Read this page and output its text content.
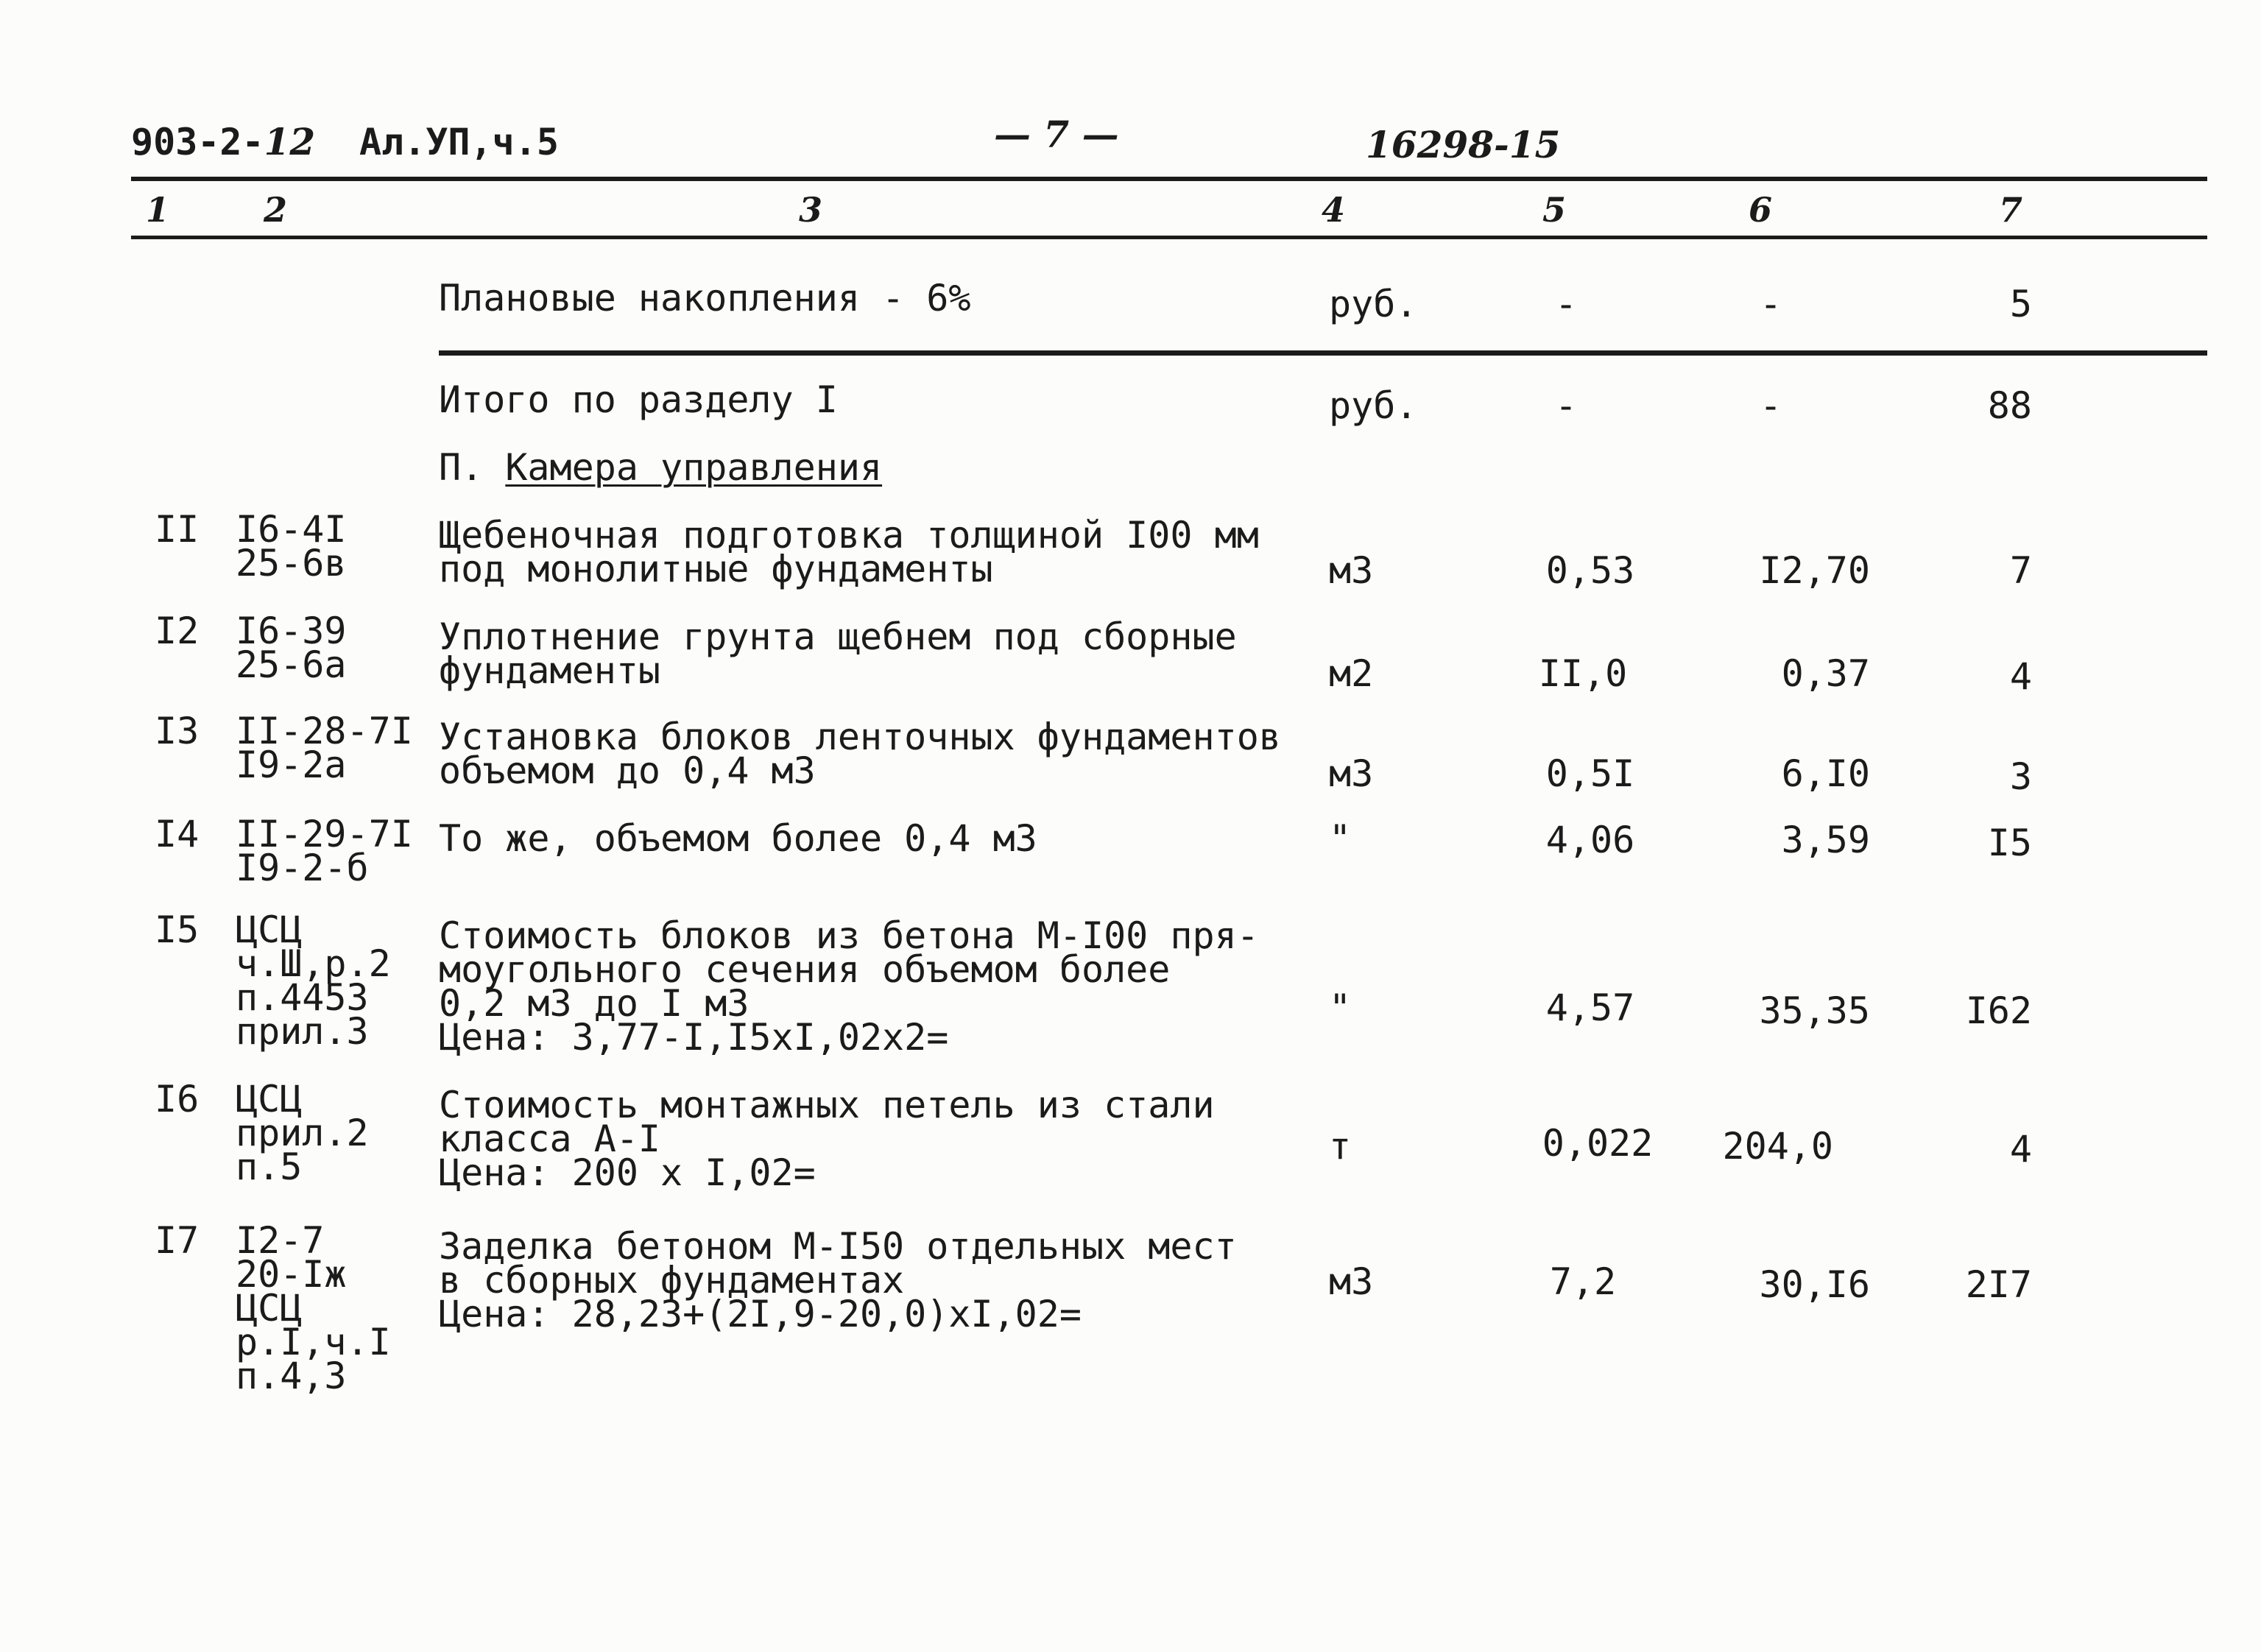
903-2-12 Ал.УП,ч.5	— 7 —	16298-15
1	2	3	4	5	6	7
Плановые накопления - 6%	руб.	-	-	5
Итого по разделу I	руб.	-	-	88
П. Камера управления
II I6-4I
25-6в
Щебеночная подготовка толщиной I00 мм
под монолитные фундаменты	м3	0,53	I2,70	7
I2 I6-39
25-6а
Уплотнение грунта щебнем под сборные
фундаменты	м2	II,0	0,37	4
I3 II-28-7I
I9-2а
Установка блоков ленточных фундаментов
объемом до 0,4 м3	м3	0,5I	6,I0	3
I4 II-29-7I
I9-2-б
То же, объемом более 0,4 м3	"	4,06	3,59	I5
I5 ЦСЦ
ч.Ш,р.2
п.4453
прил.3
Стоимость блоков из бетона М-I00 пря-
моугольного сечения объемом более
0,2 м3 до I м3
Цена: 3,77-I,I5хI,02х2=
"	4,57	35,35	I62
I6 ЦСЦ
прил.2
п.5
Стоимость монтажных петель из стали
класса А-I
Цена: 200 х I,02=
т	0,022	204,0	4
I7 I2-7
20-Iж
ЦСЦ
р.I,ч.I
п.4,3
Заделка бетоном М-I50 отдельных мест
в сборных фундаментах
Цена: 28,23+(2I,9-20,0)хI,02=
м3	7,2	30,I6	2I7
